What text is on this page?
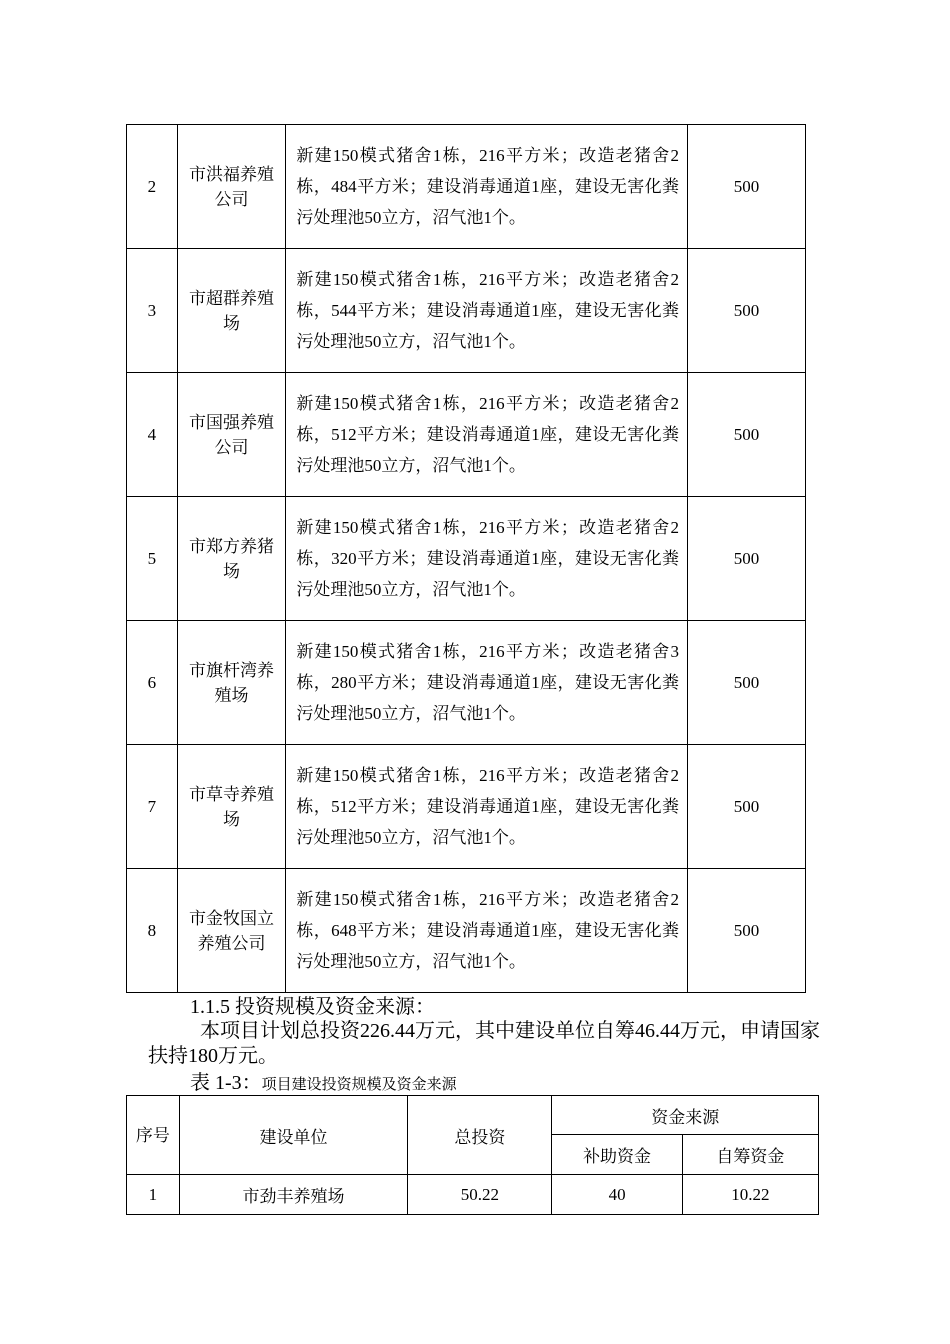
2	市洪福养殖公司	新建150模式猪舍1栋，216平方米；改造老猪舍2栋，484平方米；建设消毒通道1座，建设无害化粪污处理池50立方，沼气池1个。	500
3	市超群养殖场	新建150模式猪舍1栋，216平方米；改造老猪舍2栋，544平方米；建设消毒通道1座，建设无害化粪污处理池50立方，沼气池1个。	500
4	市国强养殖公司	新建150模式猪舍1栋，216平方米；改造老猪舍2栋，512平方米；建设消毒通道1座，建设无害化粪污处理池50立方，沼气池1个。	500
5	市郑方养猪场	新建150模式猪舍1栋，216平方米；改造老猪舍2栋，320平方米；建设消毒通道1座，建设无害化粪污处理池50立方，沼气池1个。	500
6	市旗杆湾养殖场	新建150模式猪舍1栋，216平方米；改造老猪舍3栋，280平方米；建设消毒通道1座，建设无害化粪污处理池50立方，沼气池1个。	500
7	市草寺养殖场	新建150模式猪舍1栋，216平方米；改造老猪舍2栋，512平方米；建设消毒通道1座，建设无害化粪污处理池50立方，沼气池1个。	500
8	市金牧国立养殖公司	新建150模式猪舍1栋，216平方米；改造老猪舍2栋，648平方米；建设消毒通道1座，建设无害化粪污处理池50立方，沼气池1个。	500
1.1.5 投资规模及资金来源：
本项目计划总投资226.44万元，其中建设单位自筹46.44万元，申请国家扶持180万元。
表 1-3：项目建设投资规模及资金来源
序号	建设单位	总投资	资金来源	
			补助资金	自筹资金
1	市劲丰养殖场	50.22	40	10.22
